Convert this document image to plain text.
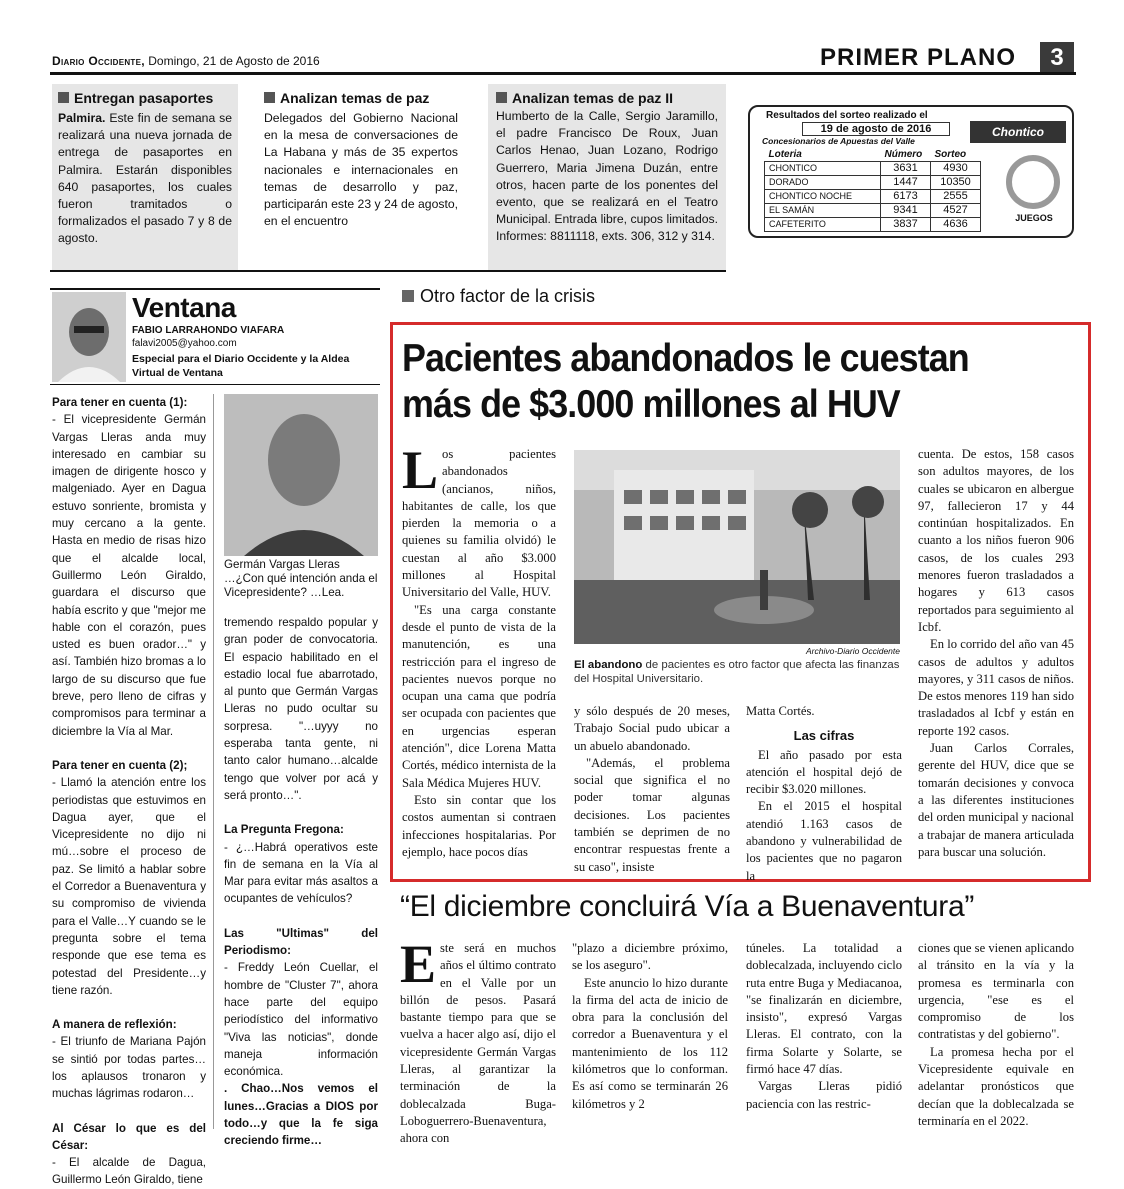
Diario Occidente, Domingo, 21 de Agosto de 2016	PRIMER PLANO	3
Entregan pasaportes
Palmira. Este fin de semana se realizará una nueva jornada de entrega de pasaportes en Palmira. Estarán disponibles 640 pasaportes, los cuales fueron tramitados o formalizados el pasado 7 y 8 de agosto.
Analizan temas de paz
Delegados del Gobierno Nacional en la mesa de conversaciones de La Habana y más de 35 expertos nacionales e internacionales en temas de desarrollo y paz, participarán este 23 y 24 de agosto, en el encuentro
Analizan temas de paz II
Humberto de la Calle, Sergio Jaramillo, el padre Francisco De Roux, Juan Carlos Henao, Juan Lozano, Rodrigo Guerrero, Maria Jimena Duzán, entre otros, hacen parte de los ponentes del evento, que se realizará en el Teatro Municipal. Entrada libre, cupos limitados. Informes: 8811118, exts. 306, 312 y 314.
Resultados del sorteo realizado el
19 de agosto de 2016
Concesionarios de Apuestas del Valle
Chontico
Loteria	Número	Sorteo
CHONTICO	3631	4930
DORADO	1447	10350
CHONTICO NOCHE	6173	2555
EL SAMÁN	9341	4527
CAFETERITO	3837	4636	JUEGOS
Ventana
FABIO LARRAHONDO VIAFARA
falavi2005@yahoo.com
Especial para el Diario Occidente y la Aldea Virtual de Ventana
Para tener en cuenta (1):
- El vicepresidente Germán Vargas Lleras anda muy interesado en cambiar su imagen de dirigente hosco y malgeniado. Ayer en Dagua estuvo sonriente, bromista y muy cercano a la gente. Hasta en medio de risas hizo que el alcalde local, Guillermo León Giraldo, guardara el discurso que había escrito y que "mejor me hable con el corazón, pues usted es buen orador…" y así. También hizo bromas a lo largo de su discurso que fue breve, pero lleno de cifras y compromisos para terminar a diciembre la Vía al Mar.
Para tener en cuenta (2);
- Llamó la atención entre los periodistas que estuvimos en Dagua ayer, que el Vicepresidente no dijo ni mú…sobre el proceso de paz. Se limitó a hablar sobre el Corredor a Buenaventura y su compromiso de vivienda para el Valle…Y cuando se le pregunta sobre el tema responde que ese tema es potestad del Presidente…y tiene razón.
A manera de reflexión:
- El triunfo de Mariana Pajón se sintió por todas partes…los aplausos tronaron y muchas lágrimas rodaron…
Al César lo que es del César:
- El alcalde de Dagua, Guillermo León Giraldo, tiene
Germán Vargas Lleras
…¿Con qué intención anda el Vicepresidente? …Lea.
tremendo respaldo popular y gran poder de convocatoria. El espacio habilitado en el estadio local fue abarrotado, al punto que Germán Vargas Lleras no pudo ocultar su sorpresa. "…uyyy no esperaba tanta gente, ni tanto calor humano…alcalde tengo que volver por acá y será pronto…".
La Pregunta Fregona:
- ¿…Habrá operativos este fin de semana en la Vía al Mar para evitar más asaltos a ocupantes de vehículos?
Las "Ultimas" del Periodismo:
- Freddy León Cuellar, el hombre de "Cluster 7", ahora hace parte del equipo periodístico del informativo "Viva las noticias", donde maneja información económica.
. Chao…Nos vemos el lunes…Gracias a DIOS por todo…y que la fe siga creciendo firme…
Otro factor de la crisis
Pacientes abandonados le cuestan
más de $3.000 millones al HUV
L os pacientes abandonados (ancianos, niños, habitantes de calle, los que pierden la memoria o a quienes su familia olvidó) le cuestan al año $3.000 millones al Hospital Universitario del Valle, HUV.
"Es una carga constante desde el punto de vista de la manutención, es una restricción para el ingreso de pacientes nuevos porque no ocupan una cama que podría ser ocupada con pacientes que en urgencias esperan atención", dice Lorena Matta Cortés, médico internista de la Sala Médica Mujeres HUV.
Esto sin contar que los costos aumentan si contraen infecciones hospitalarias. Por ejemplo, hace pocos días
Archivo-Diario Occidente
El abandono de pacientes es otro factor que afecta las finanzas del Hospital Universitario.
y sólo después de 20 meses, Trabajo Social pudo ubicar a un abuelo abandonado.
"Además, el problema social que significa el no poder tomar algunas decisiones. Los pacientes también se deprimen de no encontrar respuestas frente a su caso", insiste
Matta Cortés.
Las cifras
El año pasado por esta atención el hospital dejó de recibir $3.020 millones.
En el 2015 el hospital atendió 1.163 casos de abandono y vulnerabilidad de los pacientes que no pagaron la
cuenta. De estos, 158 casos son adultos mayores, de los cuales se ubicaron en albergue 97, fallecieron 17 y 44 continúan hospitalizados. En cuanto a los niños fueron 906 casos, de los cuales 293 menores fueron trasladados a hogares y 613 casos reportados para seguimiento al Icbf.
En lo corrido del año van 45 casos de adultos y adultos mayores, y 311 casos de niños. De estos menores 119 han sido trasladados al Icbf y están en reporte 192 casos.
Juan Carlos Corrales, gerente del HUV, dice que se tomarán decisiones y convoca a las diferentes instituciones del orden municipal y nacional a trabajar de manera articulada para buscar una solución.
“El diciembre concluirá Vía a Buenaventura”
E ste será en muchos años el último contrato en el Valle por un billón de pesos. Pasará bastante tiempo para que se vuelva a hacer algo así, dijo el vicepresidente Germán Vargas Lleras, al garantizar la terminación de la doblecalzada Buga-Loboguerrero-Buenaventura, ahora con
"plazo a diciembre próximo, se los aseguro".
Este anuncio lo hizo durante la firma del acta de inicio de obra para la conclusión del corredor a Buenaventura y el mantenimiento de los 112 kilómetros que lo conforman. Es así como se terminarán 26 kilómetros y 2
túneles. La totalidad a doblecalzada, incluyendo ciclo ruta entre Buga y Mediacanoa, "se finalizarán en diciembre, insisto", expresó Vargas Lleras. El contrato, con la firma Solarte y Solarte, se firmó hace 47 días.
Vargas Lleras pidió paciencia con las restric-
ciones que se vienen aplicando al tránsito en la vía y la promesa es terminarla con urgencia, "ese es el compromiso de los contratistas y del gobierno".
La promesa hecha por el Vicepresidente equivale en adelantar pronósticos que decían que la doblecalzada se terminaría en el 2022.
